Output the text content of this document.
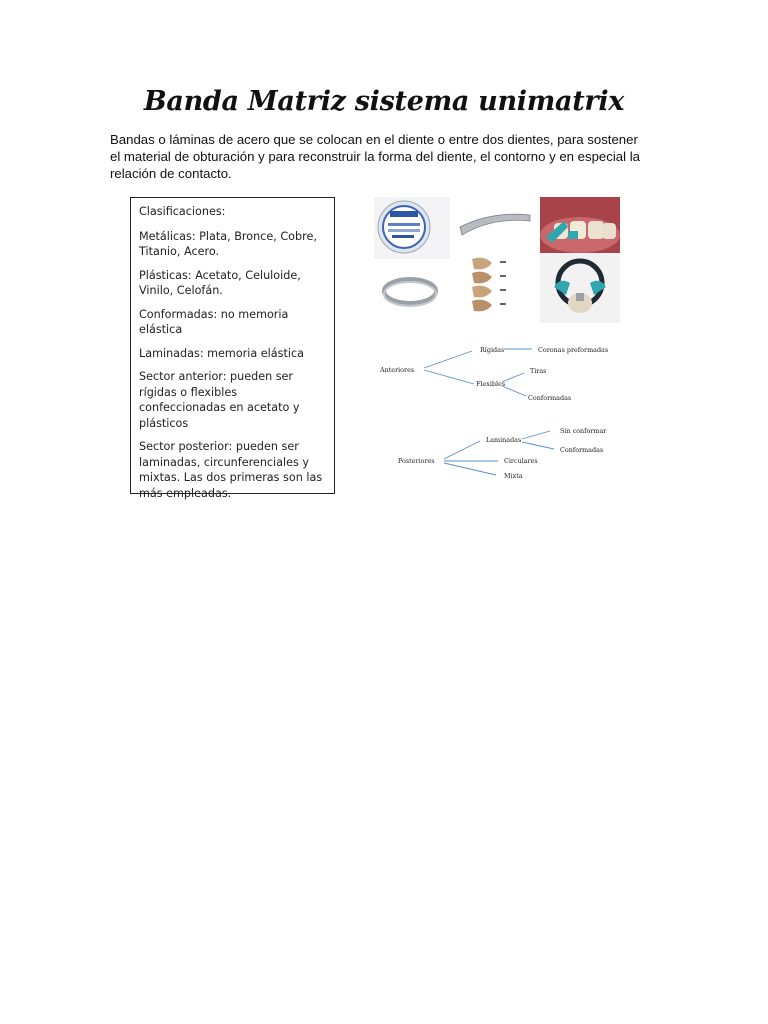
Banda Matriz sistema unimatrix
Bandas o láminas de acero que se colocan en el diente o entre dos dientes, para sostener el material de obturación y para reconstruir la forma del diente, el contorno y en especial la relación de contacto.

Clasificaciones:

Metálicas: Plata, Bronce, Cobre, Titanio, Acero.

Plásticas: Acetato, Celuloide, Vinilo, Celofán.

Conformadas: no memoria elástica

Laminadas: memoria elástica

Sector anterior: pueden ser rígidas o flexibles confeccionadas en acetato y plásticos

Sector posterior: pueden ser laminadas, circunferenciales y mixtas. Las dos primeras son las más empleadas.

Anteriores
Rígidas	Coronas preformadas
Flexibles
Tiras
Conformadas
Posteriores
Laminadas
Sin conformar
Conformadas
Circulares
Mixta
